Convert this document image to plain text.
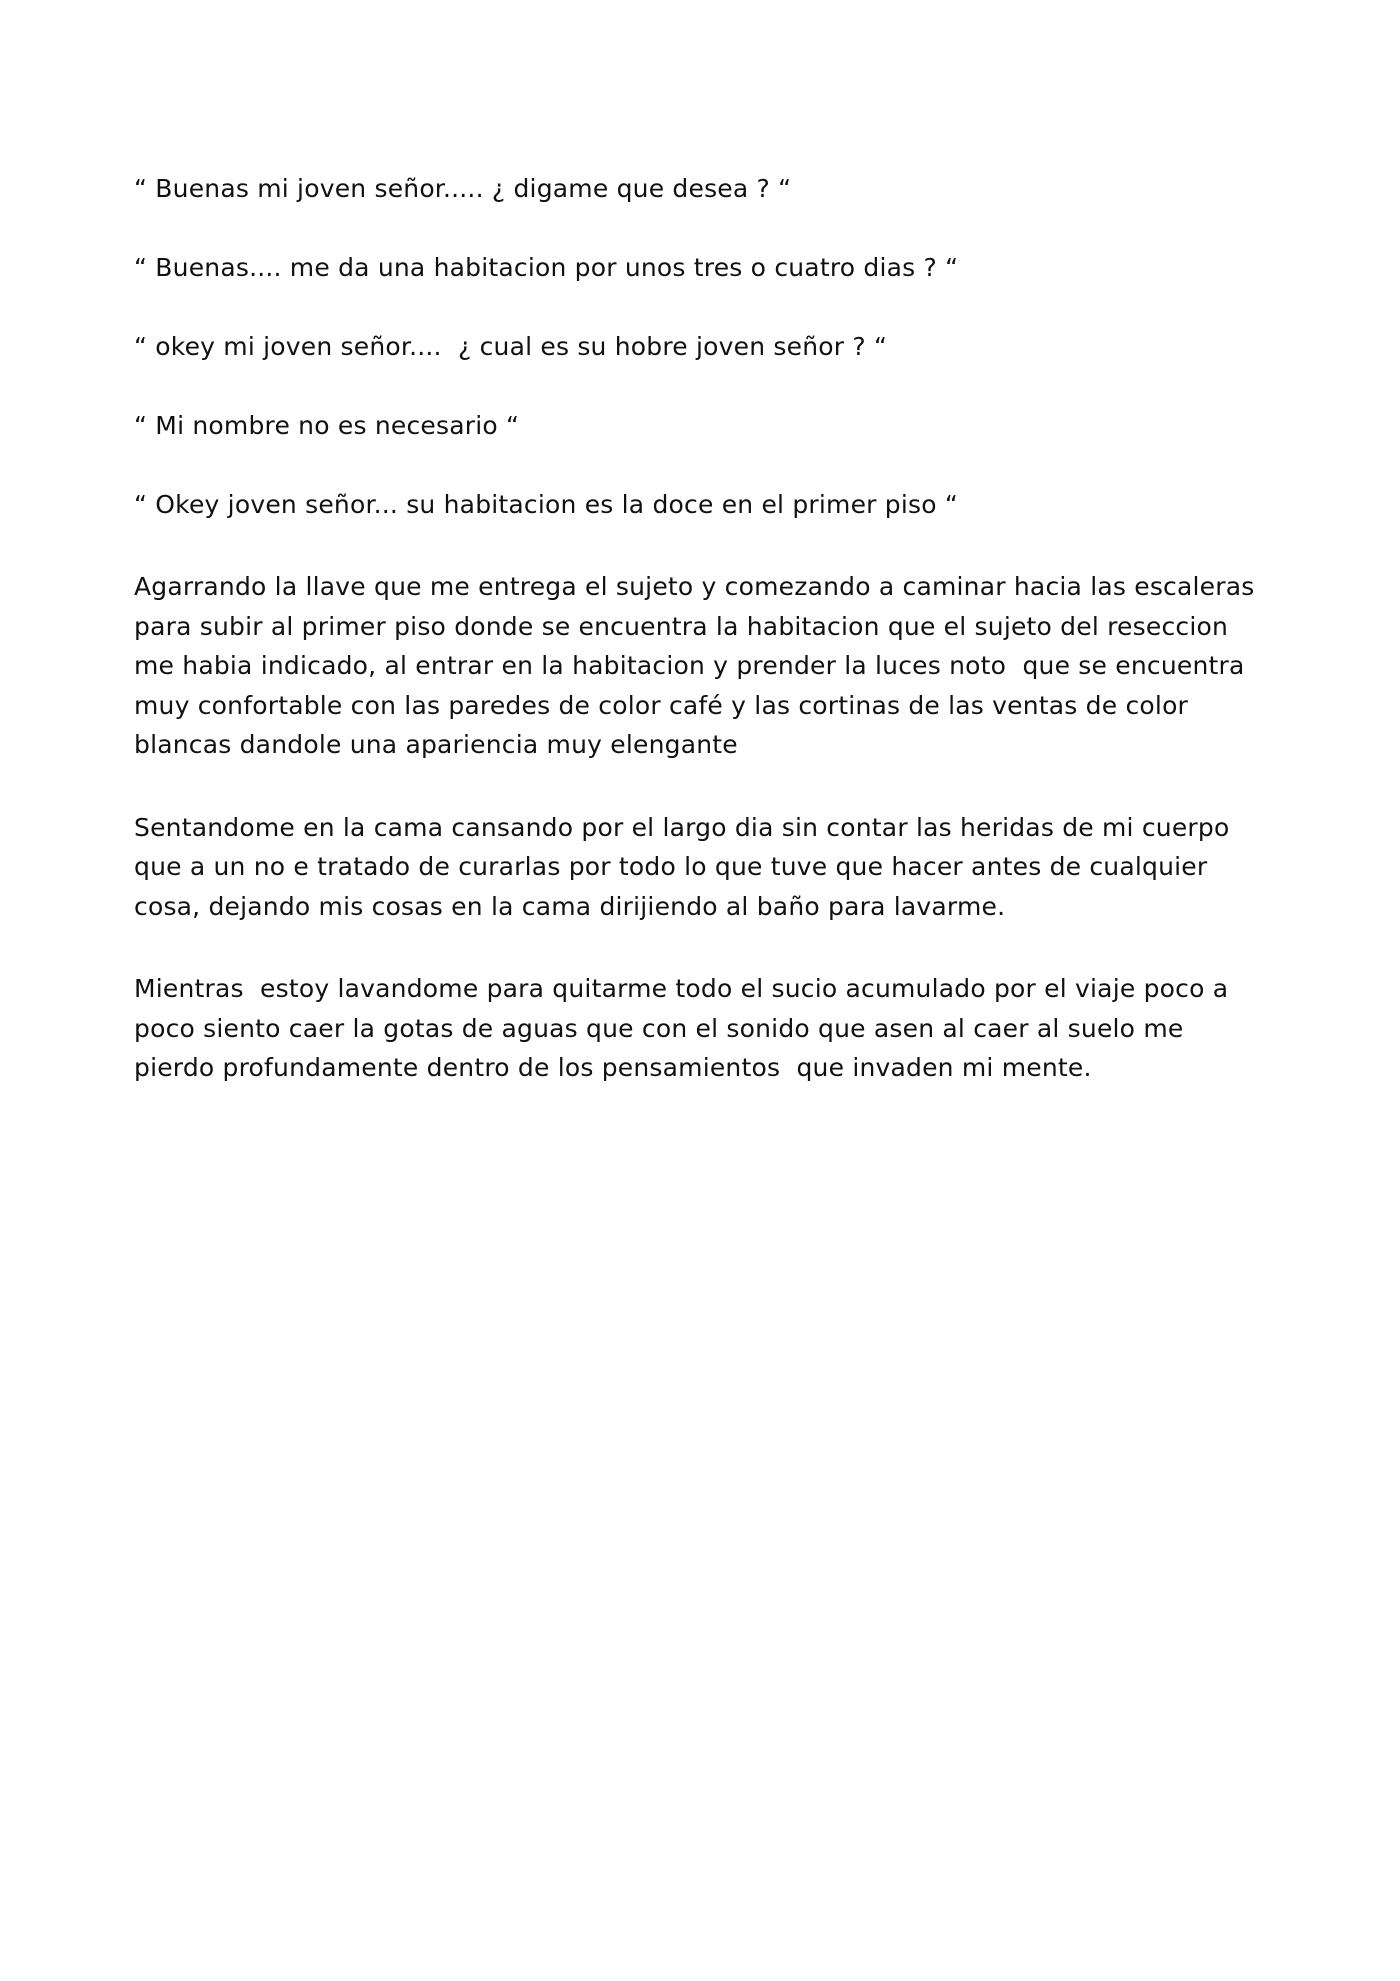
“ Buenas mi joven señor..... ¿ digame que desea ? “

“ Buenas.... me da una habitacion por unos tres o cuatro dias ? “

“ okey mi joven señor....  ¿ cual es su hobre joven señor ? “

“ Mi nombre no es necesario “

“ Okey joven señor... su habitacion es la doce en el primer piso “

Agarrando la llave que me entrega el sujeto y comezando a caminar hacia las escaleras
para subir al primer piso donde se encuentra la habitacion que el sujeto del reseccion
me habia indicado, al entrar en la habitacion y prender la luces noto  que se encuentra
muy confortable con las paredes de color café y las cortinas de las ventas de color
blancas dandole una apariencia muy elengante

Sentandome en la cama cansando por el largo dia sin contar las heridas de mi cuerpo
que a un no e tratado de curarlas por todo lo que tuve que hacer antes de cualquier
cosa, dejando mis cosas en la cama dirijiendo al baño para lavarme.

Mientras  estoy lavandome para quitarme todo el sucio acumulado por el viaje poco a
poco siento caer la gotas de aguas que con el sonido que asen al caer al suelo me
pierdo profundamente dentro de los pensamientos  que invaden mi mente.
